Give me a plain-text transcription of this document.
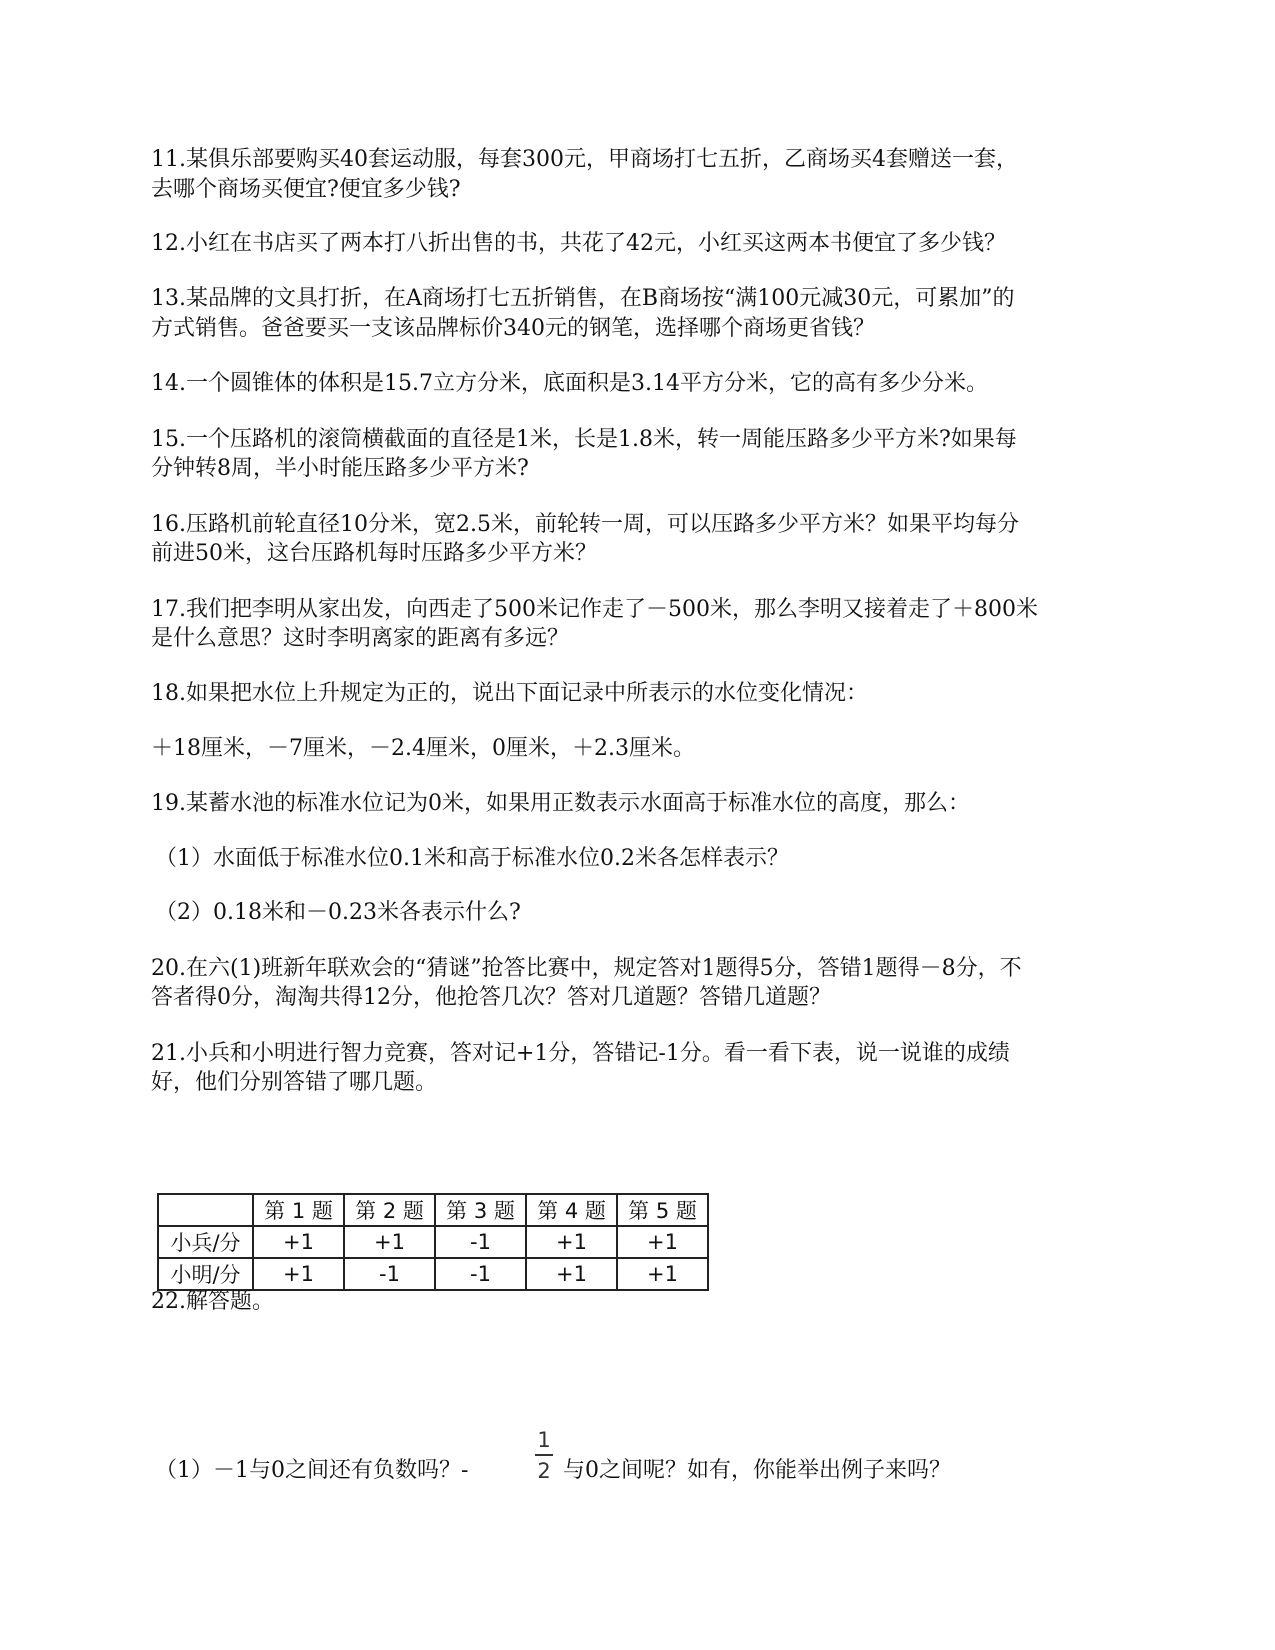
11.某俱乐部要购买40套运动服，每套300元，甲商场打七五折，乙商场买4套赠送一套，

去哪个商场买便宜?便宜多少钱?

12.小红在书店买了两本打八折出售的书，共花了42元，小红买这两本书便宜了多少钱？

13.某品牌的文具打折，在A商场打七五折销售，在B商场按“满100元减30元，可累加”的

方式销售。爸爸要买一支该品牌标价340元的钢笔，选择哪个商场更省钱？

14.一个圆锥体的体积是15.7立方分米，底面积是3.14平方分米，它的高有多少分米。

15.一个压路机的滚筒横截面的直径是1米，长是1.8米，转一周能压路多少平方米?如果每

分钟转8周，半小时能压路多少平方米?

16.压路机前轮直径10分米，宽2.5米，前轮转一周，可以压路多少平方米？如果平均每分

前进50米，这台压路机每时压路多少平方米？

17.我们把李明从家出发，向西走了500米记作走了－500米，那么李明又接着走了＋800米

是什么意思？这时李明离家的距离有多远？

18.如果把水位上升规定为正的，说出下面记录中所表示的水位变化情况：

＋18厘米，－7厘米，－2.4厘米，0厘米，＋2.3厘米。

19.某蓄水池的标准水位记为0米，如果用正数表示水面高于标准水位的高度，那么：

（1）水面低于标准水位0.1米和高于标准水位0.2米各怎样表示？

（2）0.18米和－0.23米各表示什么?

20.在六(1)班新年联欢会的“猜谜”抢答比赛中，规定答对1题得5分，答错1题得－8分，不

答者得0分，淘淘共得12分，他抢答几次？答对几道题？答错几道题？

21.小兵和小明进行智力竞赛，答对记+1分，答错记-1分。看一看下表，说一说谁的成绩

好，他们分别答错了哪几题。

	第 1 题	第 2 题	第 3 题	第 4 题	第 5 题
小兵/分	+1	+1	-1	+1	+1
小明/分	+1	-1	-1	+1	+1

22.解答题。

（1）－1与0之间还有负数吗？-

1
2 与0之间呢？如有，你能举出例子来吗？
